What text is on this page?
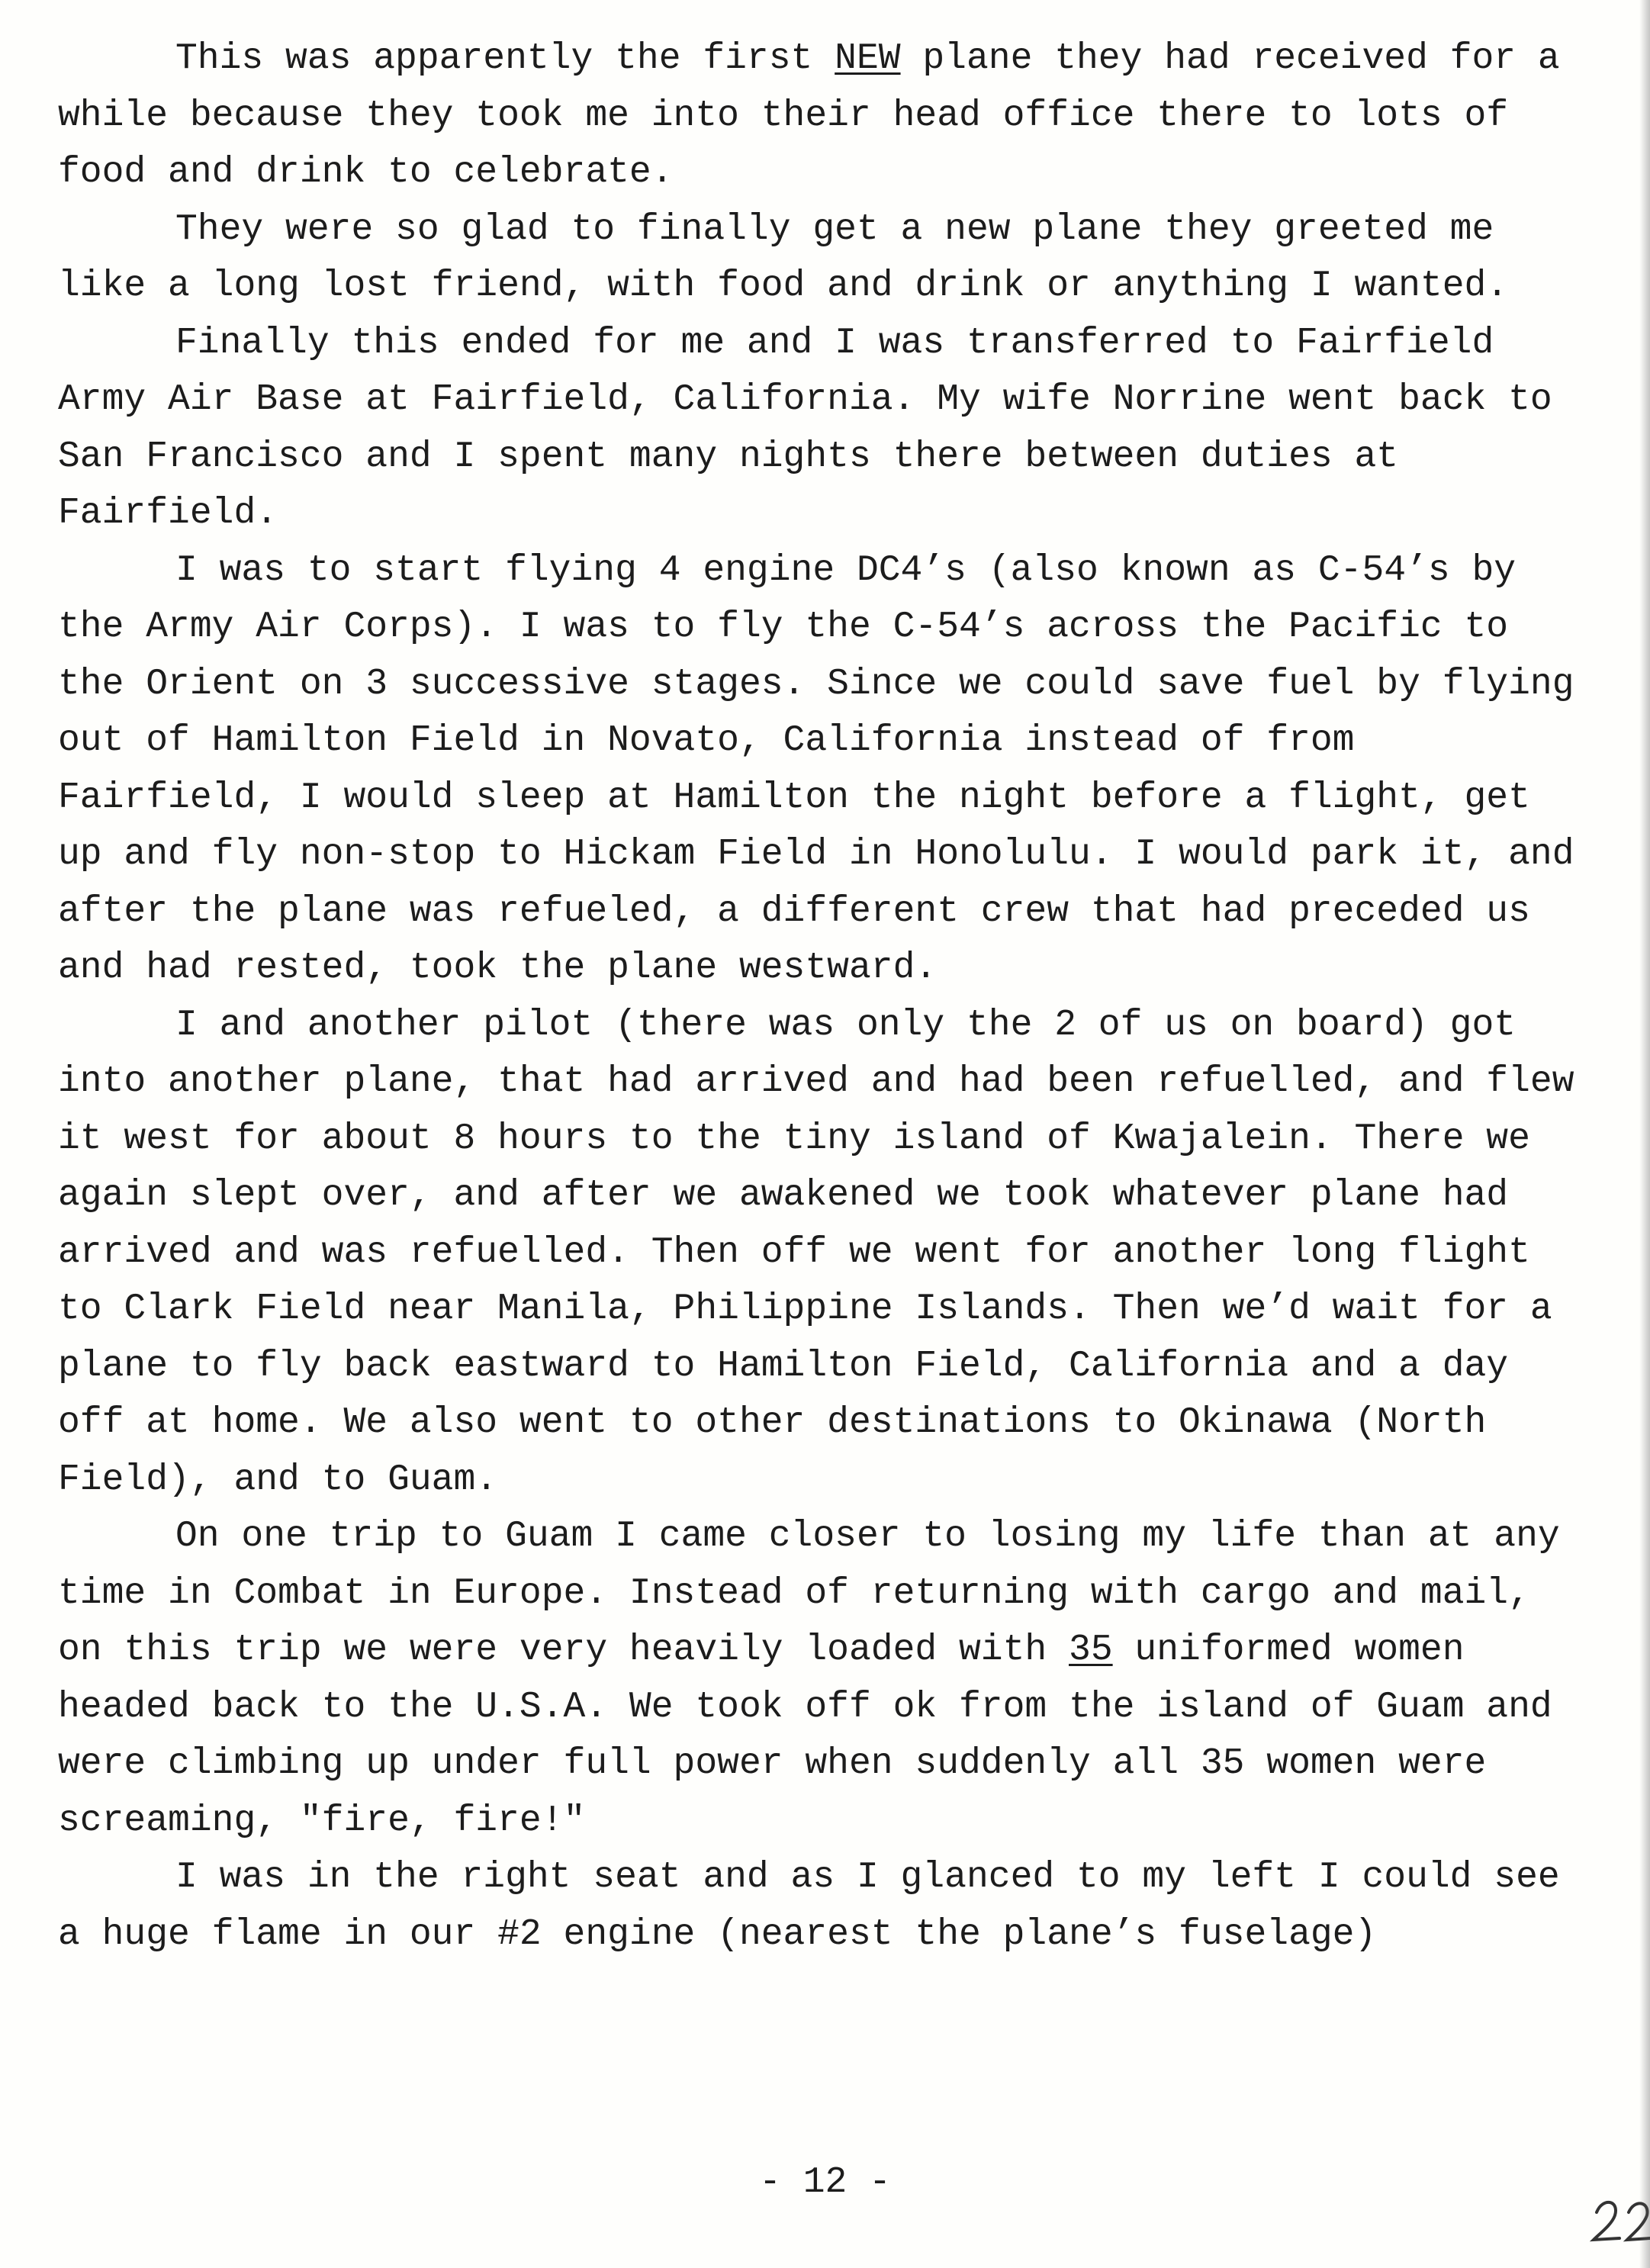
This was apparently the first NEW plane they had received for a while because they took me into their head office there to lots of food and drink to celebrate.

They were so glad to finally get a new plane they greeted me like a long lost friend, with food and drink or anything I wanted.

Finally this ended for me and I was transferred to Fairfield Army Air Base at Fairfield, California. My wife Norrine went back to San Francisco and I spent many nights there between duties at Fairfield.

I was to start flying 4 engine DC4’s (also known as C-54’s by the Army Air Corps). I was to fly the C-54’s across the Pacific to the Orient on 3 successive stages. Since we could save fuel by flying out of Hamilton Field in Novato, California instead of from Fairfield, I would sleep at Hamilton the night before a flight, get up and fly non-stop to Hickam Field in Honolulu. I would park it, and after the plane was refueled, a different crew that had preceded us and had rested, took the plane westward.

I and another pilot (there was only the 2 of us on board) got into another plane, that had arrived and had been refuelled, and flew it west for about 8 hours to the tiny island of Kwajalein. There we again slept over, and after we awakened we took whatever plane had arrived and was refuelled. Then off we went for another long flight to Clark Field near Manila, Philippine Islands. Then we’d wait for a plane to fly back eastward to Hamilton Field, California and a day off at home. We also went to other destinations to Okinawa (North Field), and to Guam.

On one trip to Guam I came closer to losing my life than at any time in Combat in Europe. Instead of returning with cargo and mail, on this trip we were very heavily loaded with 35 uniformed women headed back to the U.S.A. We took off ok from the island of Guam and were climbing up under full power when suddenly all 35 women were screaming, "fire, fire!"

I was in the right seat and as I glanced to my left I could see a huge flame in our #2 engine (nearest the plane’s fuselage)

- 12 -
